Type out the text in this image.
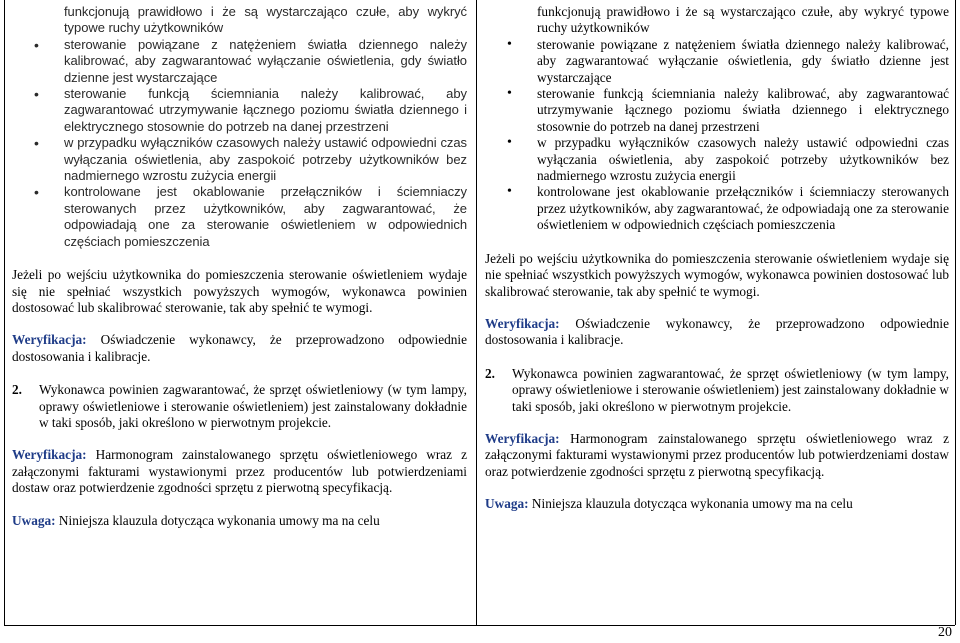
funkcjonują prawidłowo i że są wystarczająco czułe, aby wykryć typowe ruchy użytkowników
• sterowanie powiązane z natężeniem światła dziennego należy kalibrować, aby zagwarantować wyłączanie oświetlenia, gdy światło dzienne jest wystarczające
• sterowanie funkcją ściemniania należy kalibrować, aby zagwarantować utrzymywanie łącznego poziomu światła dziennego i elektrycznego stosownie do potrzeb na danej przestrzeni
• w przypadku wyłączników czasowych należy ustawić odpowiedni czas wyłączania oświetlenia, aby zaspokoić potrzeby użytkowników bez nadmiernego wzrostu zużycia energii
• kontrolowane jest okablowanie przełączników i ściemniaczy sterowanych przez użytkowników, aby zagwarantować, że odpowiadają one za sterowanie oświetleniem w odpowiednich częściach pomieszczenia

Jeżeli po wejściu użytkownika do pomieszczenia sterowanie oświetleniem wydaje się nie spełniać wszystkich powyższych wymogów, wykonawca powinien dostosować lub skalibrować sterowanie, tak aby spełnić te wymogi.

Weryfikacja: Oświadczenie wykonawcy, że przeprowadzono odpowiednie dostosowania i kalibracje.

2. Wykonawca powinien zagwarantować, że sprzęt oświetleniowy (w tym lampy, oprawy oświetleniowe i sterowanie oświetleniem) jest zainstalowany dokładnie w taki sposób, jaki określono w pierwotnym projekcie.

Weryfikacja: Harmonogram zainstalowanego sprzętu oświetleniowego wraz z załączonymi fakturami wystawionymi przez producentów lub potwierdzeniami dostaw oraz potwierdzenie zgodności sprzętu z pierwotną specyfikacją.

Uwaga: Niniejsza klauzula dotycząca wykonania umowy ma na celu

funkcjonują prawidłowo i że są wystarczająco czułe, aby wykryć typowe ruchy użytkowników
• sterowanie powiązane z natężeniem światła dziennego należy kalibrować, aby zagwarantować wyłączanie oświetlenia, gdy światło dzienne jest wystarczające
• sterowanie funkcją ściemniania należy kalibrować, aby zagwarantować utrzymywanie łącznego poziomu światła dziennego i elektrycznego stosownie do potrzeb na danej przestrzeni
• w przypadku wyłączników czasowych należy ustawić odpowiedni czas wyłączania oświetlenia, aby zaspokoić potrzeby użytkowników bez nadmiernego wzrostu zużycia energii
• kontrolowane jest okablowanie przełączników i ściemniaczy sterowanych przez użytkowników, aby zagwarantować, że odpowiadają one za sterowanie oświetleniem w odpowiednich częściach pomieszczenia

Jeżeli po wejściu użytkownika do pomieszczenia sterowanie oświetleniem wydaje się nie spełniać wszystkich powyższych wymogów, wykonawca powinien dostosować lub skalibrować sterowanie, tak aby spełnić te wymogi.

Weryfikacja: Oświadczenie wykonawcy, że przeprowadzono odpowiednie dostosowania i kalibracje.

2. Wykonawca powinien zagwarantować, że sprzęt oświetleniowy (w tym lampy, oprawy oświetleniowe i sterowanie oświetleniem) jest zainstalowany dokładnie w taki sposób, jaki określono w pierwotnym projekcie.

Weryfikacja: Harmonogram zainstalowanego sprzętu oświetleniowego wraz z załączonymi fakturami wystawionymi przez producentów lub potwierdzeniami dostaw oraz potwierdzenie zgodności sprzętu z pierwotną specyfikacją.

Uwaga: Niniejsza klauzula dotycząca wykonania umowy ma na celu

20
